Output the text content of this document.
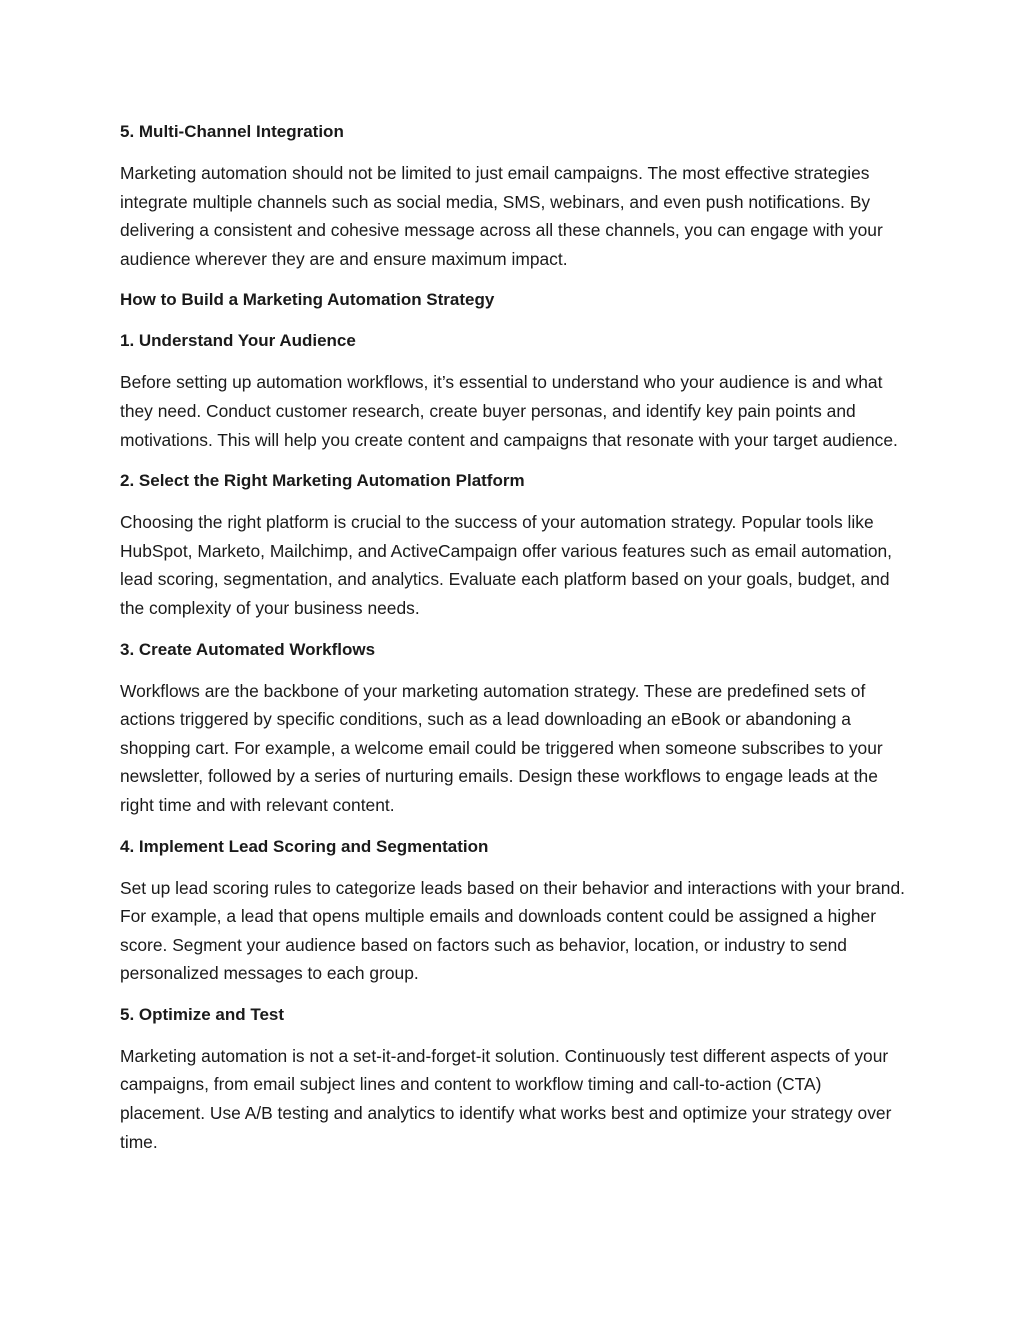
5. Multi-Channel Integration
Marketing automation should not be limited to just email campaigns. The most effective strategies integrate multiple channels such as social media, SMS, webinars, and even push notifications. By delivering a consistent and cohesive message across all these channels, you can engage with your audience wherever they are and ensure maximum impact.
How to Build a Marketing Automation Strategy
1. Understand Your Audience
Before setting up automation workflows, it’s essential to understand who your audience is and what they need. Conduct customer research, create buyer personas, and identify key pain points and motivations. This will help you create content and campaigns that resonate with your target audience.
2. Select the Right Marketing Automation Platform
Choosing the right platform is crucial to the success of your automation strategy. Popular tools like HubSpot, Marketo, Mailchimp, and ActiveCampaign offer various features such as email automation, lead scoring, segmentation, and analytics. Evaluate each platform based on your goals, budget, and the complexity of your business needs.
3. Create Automated Workflows
Workflows are the backbone of your marketing automation strategy. These are predefined sets of actions triggered by specific conditions, such as a lead downloading an eBook or abandoning a shopping cart. For example, a welcome email could be triggered when someone subscribes to your newsletter, followed by a series of nurturing emails. Design these workflows to engage leads at the right time and with relevant content.
4. Implement Lead Scoring and Segmentation
Set up lead scoring rules to categorize leads based on their behavior and interactions with your brand. For example, a lead that opens multiple emails and downloads content could be assigned a higher score. Segment your audience based on factors such as behavior, location, or industry to send personalized messages to each group.
5. Optimize and Test
Marketing automation is not a set-it-and-forget-it solution. Continuously test different aspects of your campaigns, from email subject lines and content to workflow timing and call-to-action (CTA) placement. Use A/B testing and analytics to identify what works best and optimize your strategy over time.
